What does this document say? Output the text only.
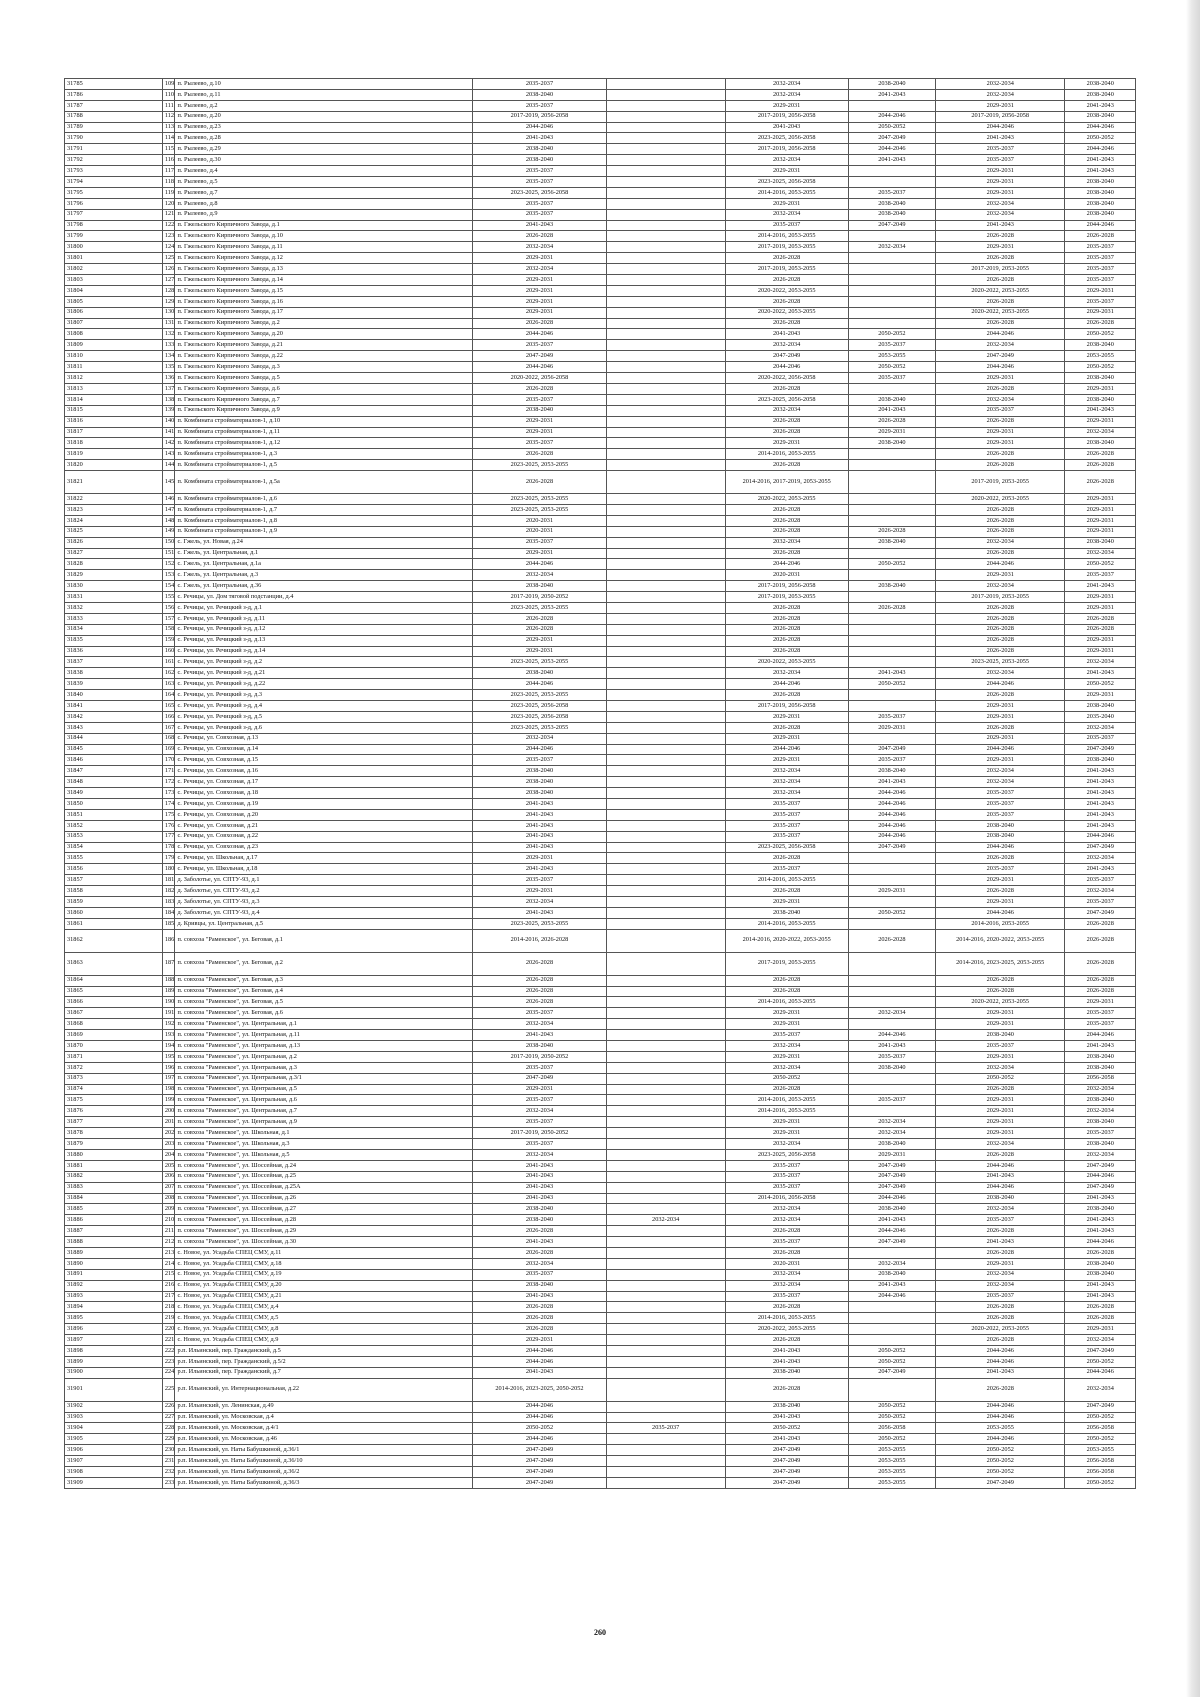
31785	109	п. Рылеево, д.10	2035-2037		2032-2034	2038-2040	2032-2034	2038-2040
31786	110	п. Рылеево, д.11	2038-2040		2032-2034	2041-2043	2032-2034	2038-2040
31787	111	п. Рылеево, д.2	2035-2037		2029-2031		2029-2031	2041-2043
31788	112	п. Рылеево, д.20	2017-2019, 2056-2058		2017-2019, 2056-2058	2044-2046	2017-2019, 2056-2058	2038-2040
31789	113	п. Рылеево, д.23	2044-2046		2041-2043	2050-2052	2044-2046	2044-2046
31790	114	п. Рылеево, д.28	2041-2043		2023-2025, 2056-2058	2047-2049	2041-2043	2050-2052
31791	115	п. Рылеево, д.29	2038-2040		2017-2019, 2056-2058	2044-2046	2035-2037	2044-2046
31792	116	п. Рылеево, д.30	2038-2040		2032-2034	2041-2043	2035-2037	2041-2043
31793	117	п. Рылеево, д.4	2035-2037		2029-2031		2029-2031	2041-2043
31794	118	п. Рылеево, д.5	2035-2037		2023-2025, 2056-2058		2029-2031	2038-2040
31795	119	п. Рылеево, д.7	2023-2025, 2056-2058		2014-2016, 2053-2055	2035-2037	2029-2031	2038-2040
31796	120	п. Рылеево, д.8	2035-2037		2029-2031	2038-2040	2032-2034	2038-2040
31797	121	п. Рылеево, д.9	2035-2037		2032-2034	2038-2040	2032-2034	2038-2040
31798	122	п. Гжельского Кирпичного Завода, д.1	2041-2043		2035-2037	2047-2049	2041-2043	2044-2046
31799	123	п. Гжельского Кирпичного Завода, д.10	2026-2028		2014-2016, 2053-2055		2026-2028	2026-2028
31800	124	п. Гжельского Кирпичного Завода, д.11	2032-2034		2017-2019, 2053-2055	2032-2034	2029-2031	2035-2037
31801	125	п. Гжельского Кирпичного Завода, д.12	2029-2031		2026-2028		2026-2028	2035-2037
31802	126	п. Гжельского Кирпичного Завода, д.13	2032-2034		2017-2019, 2053-2055		2017-2019, 2053-2055	2035-2037
31803	127	п. Гжельского Кирпичного Завода, д.14	2029-2031		2026-2028		2026-2028	2035-2037
31804	128	п. Гжельского Кирпичного Завода, д.15	2029-2031		2020-2022, 2053-2055		2020-2022, 2053-2055	2029-2031
31805	129	п. Гжельского Кирпичного Завода, д.16	2029-2031		2026-2028		2026-2028	2035-2037
31806	130	п. Гжельского Кирпичного Завода, д.17	2029-2031		2020-2022, 2053-2055		2020-2022, 2053-2055	2029-2031
31807	131	п. Гжельского Кирпичного Завода, д.2	2026-2028		2026-2028		2026-2028	2026-2028
31808	132	п. Гжельского Кирпичного Завода, д.20	2044-2046		2041-2043	2050-2052	2044-2046	2050-2052
31809	133	п. Гжельского Кирпичного Завода, д.21	2035-2037		2032-2034	2035-2037	2032-2034	2038-2040
31810	134	п. Гжельского Кирпичного Завода, д.22	2047-2049		2047-2049	2053-2055	2047-2049	2053-2055
31811	135	п. Гжельского Кирпичного Завода, д.3	2044-2046		2044-2046	2050-2052	2044-2046	2050-2052
31812	136	п. Гжельского Кирпичного Завода, д.5	2020-2022, 2056-2058		2020-2022, 2056-2058	2035-2037	2029-2031	2038-2040
31813	137	п. Гжельского Кирпичного Завода, д.6	2026-2028		2026-2028		2026-2028	2029-2031
31814	138	п. Гжельского Кирпичного Завода, д.7	2035-2037		2023-2025, 2056-2058	2038-2040	2032-2034	2038-2040
31815	139	п. Гжельского Кирпичного Завода, д.9	2038-2040		2032-2034	2041-2043	2035-2037	2041-2043
31816	140	п. Комбината стройматериалов-1, д.10	2029-2031		2026-2028	2026-2028	2026-2028	2029-2031
31817	141	п. Комбината стройматериалов-1, д.11	2029-2031		2026-2028	2029-2031	2029-2031	2032-2034
31818	142	п. Комбината стройматериалов-1, д.12	2035-2037		2029-2031	2038-2040	2029-2031	2038-2040
31819	143	п. Комбината стройматериалов-1, д.3	2026-2028		2014-2016, 2053-2055		2026-2028	2026-2028
31820	144	п. Комбината стройматериалов-1, д.5	2023-2025, 2053-2055		2026-2028		2026-2028	2026-2028
31821	145	п. Комбината стройматериалов-1, д.5а	2026-2028		2014-2016, 2017-2019, 2053-2055		2017-2019, 2053-2055	2026-2028
31822	146	п. Комбината стройматериалов-1, д.6	2023-2025, 2053-2055		2020-2022, 2053-2055		2020-2022, 2053-2055	2029-2031
31823	147	п. Комбината стройматериалов-1, д.7	2023-2025, 2053-2055		2026-2028		2026-2028	2029-2031
31824	148	п. Комбината стройматериалов-1, д.8	2020-2031		2026-2028		2026-2028	2029-2031
31825	149	п. Комбината стройматериалов-1, д.9	2020-2031		2026-2028	2026-2028	2026-2028	2029-2031
31826	150	с. Гжель, ул. Новая, д.24	2035-2037		2032-2034	2038-2040	2032-2034	2038-2040
31827	151	с. Гжель, ул. Центральная, д.1	2029-2031		2026-2028		2026-2028	2032-2034
31828	152	с. Гжель, ул. Центральная, д.1а	2044-2046		2044-2046	2050-2052	2044-2046	2050-2052
31829	153	с. Гжель, ул. Центральная, д.3	2032-2034		2020-2031		2029-2031	2035-2037
31830	154	с. Гжель, ул. Центральная, д.36	2038-2040		2017-2019, 2056-2058	2038-2040	2032-2034	2041-2043
31831	155	с. Речицы, ул. Дом тяговой подстанции, д.4	2017-2019, 2050-2052		2017-2019, 2053-2055		2017-2019, 2053-2055	2029-2031
31832	156	с. Речицы, ул. Речицкий з-д, д.1	2023-2025, 2053-2055		2026-2028	2026-2028	2026-2028	2029-2031
31833	157	с. Речицы, ул. Речицкий з-д, д.11	2026-2028		2026-2028		2026-2028	2026-2028
31834	158	с. Речицы, ул. Речицкий з-д, д.12	2026-2028		2026-2028		2026-2028	2026-2028
31835	159	с. Речицы, ул. Речицкий з-д, д.13	2029-2031		2026-2028		2026-2028	2029-2031
31836	160	с. Речицы, ул. Речицкий з-д, д.14	2029-2031		2026-2028		2026-2028	2029-2031
31837	161	с. Речицы, ул. Речицкий з-д, д.2	2023-2025, 2053-2055		2020-2022, 2053-2055		2023-2025, 2053-2055	2032-2034
31838	162	с. Речицы, ул. Речицкий з-д, д.21	2038-2040		2032-2034	2041-2043	2032-2034	2041-2043
31839	163	с. Речицы, ул. Речицкий з-д, д.22	2044-2046		2044-2046	2050-2052	2044-2046	2050-2052
31840	164	с. Речицы, ул. Речицкий з-д, д.3	2023-2025, 2053-2055		2026-2028		2026-2028	2029-2031
31841	165	с. Речицы, ул. Речицкий з-д, д.4	2023-2025, 2056-2058		2017-2019, 2056-2058		2029-2031	2038-2040
31842	166	с. Речицы, ул. Речицкий з-д, д.5	2023-2025, 2056-2058		2029-2031	2035-2037	2029-2031	2035-2040
31843	167	с. Речицы, ул. Речицкий з-д, д.6	2023-2025, 2053-2055		2026-2028	2029-2031	2026-2028	2032-2034
31844	168	с. Речицы, ул. Совхозная, д.13	2032-2034		2029-2031		2029-2031	2035-2037
31845	169	с. Речицы, ул. Совхозная, д.14	2044-2046		2044-2046	2047-2049	2044-2046	2047-2049
31846	170	с. Речицы, ул. Совхозная, д.15	2035-2037		2029-2031	2035-2037	2029-2031	2038-2040
31847	171	с. Речицы, ул. Совхозная, д.16	2038-2040		2032-2034	2038-2040	2032-2034	2041-2043
31848	172	с. Речицы, ул. Совхозная, д.17	2038-2040		2032-2034	2041-2043	2032-2034	2041-2043
31849	173	с. Речицы, ул. Совхозная, д.18	2038-2040		2032-2034	2044-2046	2035-2037	2041-2043
31850	174	с. Речицы, ул. Совхозная, д.19	2041-2043		2035-2037	2044-2046	2035-2037	2041-2043
31851	175	с. Речицы, ул. Совхозная, д.20	2041-2043		2035-2037	2044-2046	2035-2037	2041-2043
31852	176	с. Речицы, ул. Совхозная, д.21	2041-2043		2035-2037	2044-2046	2038-2040	2041-2043
31853	177	с. Речицы, ул. Совхозная, д.22	2041-2043		2035-2037	2044-2046	2038-2040	2044-2046
31854	178	с. Речицы, ул. Совхозная, д.23	2041-2043		2023-2025, 2056-2058	2047-2049	2044-2046	2047-2049
31855	179	с. Речицы, ул. Школьная, д.17	2029-2031		2026-2028		2026-2028	2032-2034
31856	180	с. Речицы, ул. Школьная, д.18	2041-2043		2035-2037		2035-2037	2041-2043
31857	181	д. Заболотье, ул. СПТУ-93, д.1	2035-2037		2014-2016, 2053-2055		2029-2031	2035-2037
31858	182	д. Заболотье, ул. СПТУ-93, д.2	2029-2031		2026-2028	2029-2031	2026-2028	2032-2034
31859	183	д. Заболотье, ул. СПТУ-93, д.3	2032-2034		2029-2031		2029-2031	2035-2037
31860	184	д. Заболотье, ул. СПТУ-93, д.4	2041-2043		2038-2040	2050-2052	2044-2046	2047-2049
31861	185	д. Кривцы, ул. Центральная, д.5	2023-2025, 2053-2055		2014-2016, 2053-2055		2014-2016, 2053-2055	2026-2028
31862	186	п. совхоза "Раменское", ул. Беговая, д.1	2014-2016, 2026-2028		2014-2016, 2020-2022, 2053-2055	2026-2028	2014-2016, 2020-2022, 2053-2055	2026-2028
31863	187	п. совхоза "Раменское", ул. Беговая, д.2	2026-2028		2017-2019, 2053-2055		2014-2016, 2023-2025, 2053-2055	2026-2028
31864	188	п. совхоза "Раменское", ул. Беговая, д.3	2026-2028		2026-2028		2026-2028	2026-2028
31865	189	п. совхоза "Раменское", ул. Беговая, д.4	2026-2028		2026-2028		2026-2028	2026-2028
31866	190	п. совхоза "Раменское", ул. Беговая, д.5	2026-2028		2014-2016, 2053-2055		2020-2022, 2053-2055	2029-2031
31867	191	п. совхоза "Раменское", ул. Беговая, д.6	2035-2037		2029-2031	2032-2034	2029-2031	2035-2037
31868	192	п. совхоза "Раменское", ул. Центральная, д.1	2032-2034		2029-2031		2029-2031	2035-2037
31869	193	п. совхоза "Раменское", ул. Центральная, д.11	2041-2043		2035-2037	2044-2046	2038-2040	2044-2046
31870	194	п. совхоза "Раменское", ул. Центральная, д.13	2038-2040		2032-2034	2041-2043	2035-2037	2041-2043
31871	195	п. совхоза "Раменское", ул. Центральная, д.2	2017-2019, 2050-2052		2029-2031	2035-2037	2029-2031	2038-2040
31872	196	п. совхоза "Раменское", ул. Центральная, д.3	2035-2037		2032-2034	2038-2040	2032-2034	2038-2040
31873	197	п. совхоза "Раменское", ул. Центральная, д.3/1	2047-2049		2050-2052		2050-2052	2056-2058
31874	198	п. совхоза "Раменское", ул. Центральная, д.5	2029-2031		2026-2028		2026-2028	2032-2034
31875	199	п. совхоза "Раменское", ул. Центральная, д.6	2035-2037		2014-2016, 2053-2055	2035-2037	2029-2031	2038-2040
31876	200	п. совхоза "Раменское", ул. Центральная, д.7	2032-2034		2014-2016, 2053-2055		2029-2031	2032-2034
31877	201	п. совхоза "Раменское", ул. Центральная, д.9	2035-2037		2029-2031	2032-2034	2029-2031	2038-2040
31878	202	п. совхоза "Раменское", ул. Школьная, д.1	2017-2019, 2050-2052		2029-2031	2032-2034	2029-2031	2035-2037
31879	203	п. совхоза "Раменское", ул. Школьная, д.3	2035-2037		2032-2034	2038-2040	2032-2034	2038-2040
31880	204	п. совхоза "Раменское", ул. Школьная, д.5	2032-2034		2023-2025, 2056-2058	2029-2031	2026-2028	2032-2034
31881	205	п. совхоза "Раменское", ул. Шоссейная, д.24	2041-2043		2035-2037	2047-2049	2044-2046	2047-2049
31882	206	п. совхоза "Раменское", ул. Шоссейная, д.25	2041-2043		2035-2037	2047-2049	2041-2043	2044-2046
31883	207	п. совхоза "Раменское", ул. Шоссейная, д.25А	2041-2043		2035-2037	2047-2049	2044-2046	2047-2049
31884	208	п. совхоза "Раменское", ул. Шоссейная, д.26	2041-2043		2014-2016, 2056-2058	2044-2046	2038-2040	2041-2043
31885	209	п. совхоза "Раменское", ул. Шоссейная, д.27	2038-2040		2032-2034	2038-2040	2032-2034	2038-2040
31886	210	п. совхоза "Раменское", ул. Шоссейная, д.28	2038-2040	2032-2034	2032-2034	2041-2043	2035-2037	2041-2043
31887	211	п. совхоза "Раменское", ул. Шоссейная, д.29	2026-2028		2026-2028	2044-2046	2026-2028	2041-2043
31888	212	п. совхоза "Раменское", ул. Шоссейная, д.30	2041-2043		2035-2037	2047-2049	2041-2043	2044-2046
31889	213	с. Новое, ул. Усадьба СПЕЦ СМУ, д.11	2026-2028		2026-2028		2026-2028	2026-2028
31890	214	с. Новое, ул. Усадьба СПЕЦ СМУ, д.18	2032-2034		2020-2031	2032-2034	2029-2031	2038-2040
31891	215	с. Новое, ул. Усадьба СПЕЦ СМУ, д.19	2035-2037		2032-2034	2038-2040	2032-2034	2038-2040
31892	216	с. Новое, ул. Усадьба СПЕЦ СМУ, д.20	2038-2040		2032-2034	2041-2043	2032-2034	2041-2043
31893	217	с. Новое, ул. Усадьба СПЕЦ СМУ, д.21	2041-2043		2035-2037	2044-2046	2035-2037	2041-2043
31894	218	с. Новое, ул. Усадьба СПЕЦ СМУ, д.4	2026-2028		2026-2028		2026-2028	2026-2028
31895	219	с. Новое, ул. Усадьба СПЕЦ СМУ, д.5	2026-2028		2014-2016, 2053-2055		2026-2028	2026-2028
31896	220	с. Новое, ул. Усадьба СПЕЦ СМУ, д.8	2026-2028		2020-2022, 2053-2055		2020-2022, 2053-2055	2029-2031
31897	221	с. Новое, ул. Усадьба СПЕЦ СМУ, д.9	2029-2031		2026-2028		2026-2028	2032-2034
31898	222	р.п. Ильинский, пер. Гражданский, д.5	2044-2046		2041-2043	2050-2052	2044-2046	2047-2049
31899	223	р.п. Ильинский, пер. Гражданский, д.5/2	2044-2046		2041-2043	2050-2052	2044-2046	2050-2052
31900	224	р.п. Ильинский, пер. Гражданский, д.7	2041-2043		2038-2040	2047-2049	2041-2043	2044-2046
31901	225	р.п. Ильинский, ул. Интернациональная, д.22	2014-2016, 2023-2025, 2050-2052		2026-2028		2026-2028	2032-2034
31902	226	р.п. Ильинский, ул. Ленинская, д.49	2044-2046		2038-2040	2050-2052	2044-2046	2047-2049
31903	227	р.п. Ильинский, ул. Московская, д.4	2044-2046		2041-2043	2050-2052	2044-2046	2050-2052
31904	228	р.п. Ильинский, ул. Московская, д.4/1	2050-2052	2035-2037	2050-2052	2056-2058	2053-2055	2056-2058
31905	229	р.п. Ильинский, ул. Московская, д.46	2044-2046		2041-2043	2050-2052	2044-2046	2050-2052
31906	230	р.п. Ильинский, ул. Наты Бабушкиной, д.36/1	2047-2049		2047-2049	2053-2055	2050-2052	2053-2055
31907	231	р.п. Ильинский, ул. Наты Бабушкиной, д.36/10	2047-2049		2047-2049	2053-2055	2050-2052	2056-2058
31908	232	р.п. Ильинский, ул. Наты Бабушкиной, д.36/2	2047-2049		2047-2049	2053-2055	2050-2052	2056-2058
31909	233	р.п. Ильинский, ул. Наты Бабушкиной, д.36/3	2047-2049		2047-2049	2053-2055	2047-2049	2050-2052
260
